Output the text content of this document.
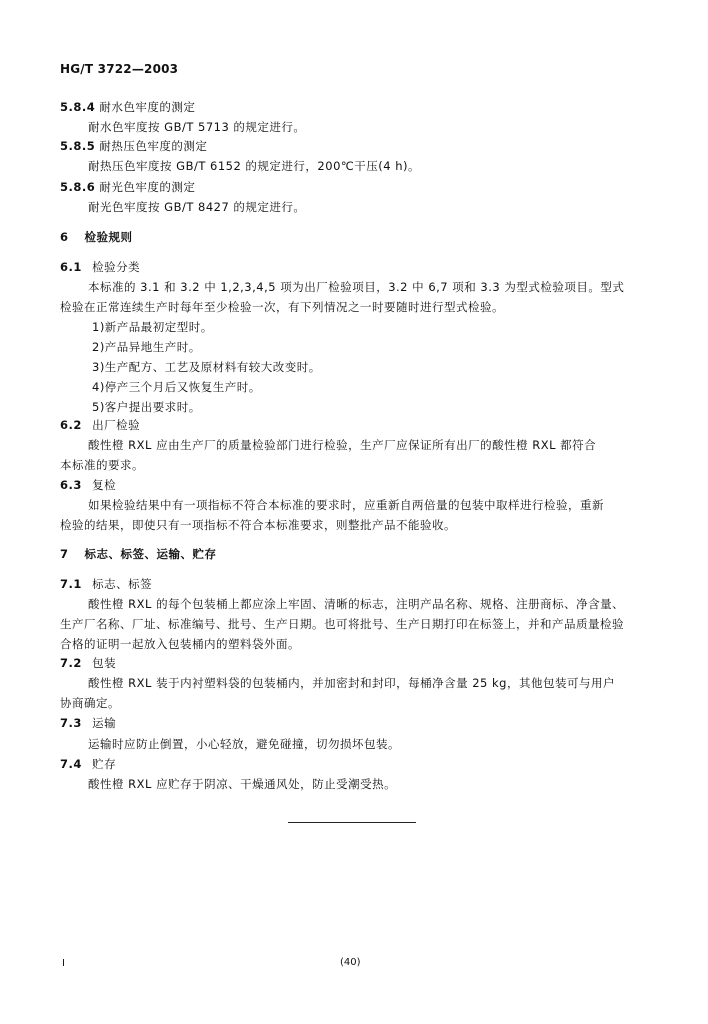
HG/T 3722—2003
5.8.4 耐水色牢度的测定
耐水色牢度按 GB/T 5713 的规定进行。
5.8.5 耐热压色牢度的测定
耐热压色牢度按 GB/T 6152 的规定进行，200℃干压(4 h)。
5.8.6 耐光色牢度的测定
耐光色牢度按 GB/T 8427 的规定进行。
6 检验规则
6.1 检验分类
本标准的 3.1 和 3.2 中 1,2,3,4,5 项为出厂检验项目，3.2 中 6,7 项和 3.3 为型式检验项目。型式
检验在正常连续生产时每年至少检验一次，有下列情况之一时要随时进行型式检验。
1)新产品最初定型时。
2)产品异地生产时。
3)生产配方、工艺及原材料有较大改变时。
4)停产三个月后又恢复生产时。
5)客户提出要求时。
6.2 出厂检验
酸性橙 RXL 应由生产厂的质量检验部门进行检验，生产厂应保证所有出厂的酸性橙 RXL 都符合
本标准的要求。
6.3 复检
如果检验结果中有一项指标不符合本标准的要求时，应重新自两倍量的包装中取样进行检验，重新
检验的结果，即使只有一项指标不符合本标准要求，则整批产品不能验收。
7 标志、标签、运输、贮存
7.1 标志、标签
酸性橙 RXL 的每个包装桶上都应涂上牢固、清晰的标志，注明产品名称、规格、注册商标、净含量、
生产厂名称、厂址、标准编号、批号、生产日期。也可将批号、生产日期打印在标签上，并和产品质量检验
合格的证明一起放入包装桶内的塑料袋外面。
7.2 包装
酸性橙 RXL 装于内衬塑料袋的包装桶内，并加密封和封印，每桶净含量 25 kg，其他包装可与用户
协商确定。
7.3 运输
运输时应防止倒置，小心轻放，避免碰撞，切勿损坏包装。
7.4 贮存
酸性橙 RXL 应贮存于阴凉、干燥通风处，防止受潮受热。
I	(40)
